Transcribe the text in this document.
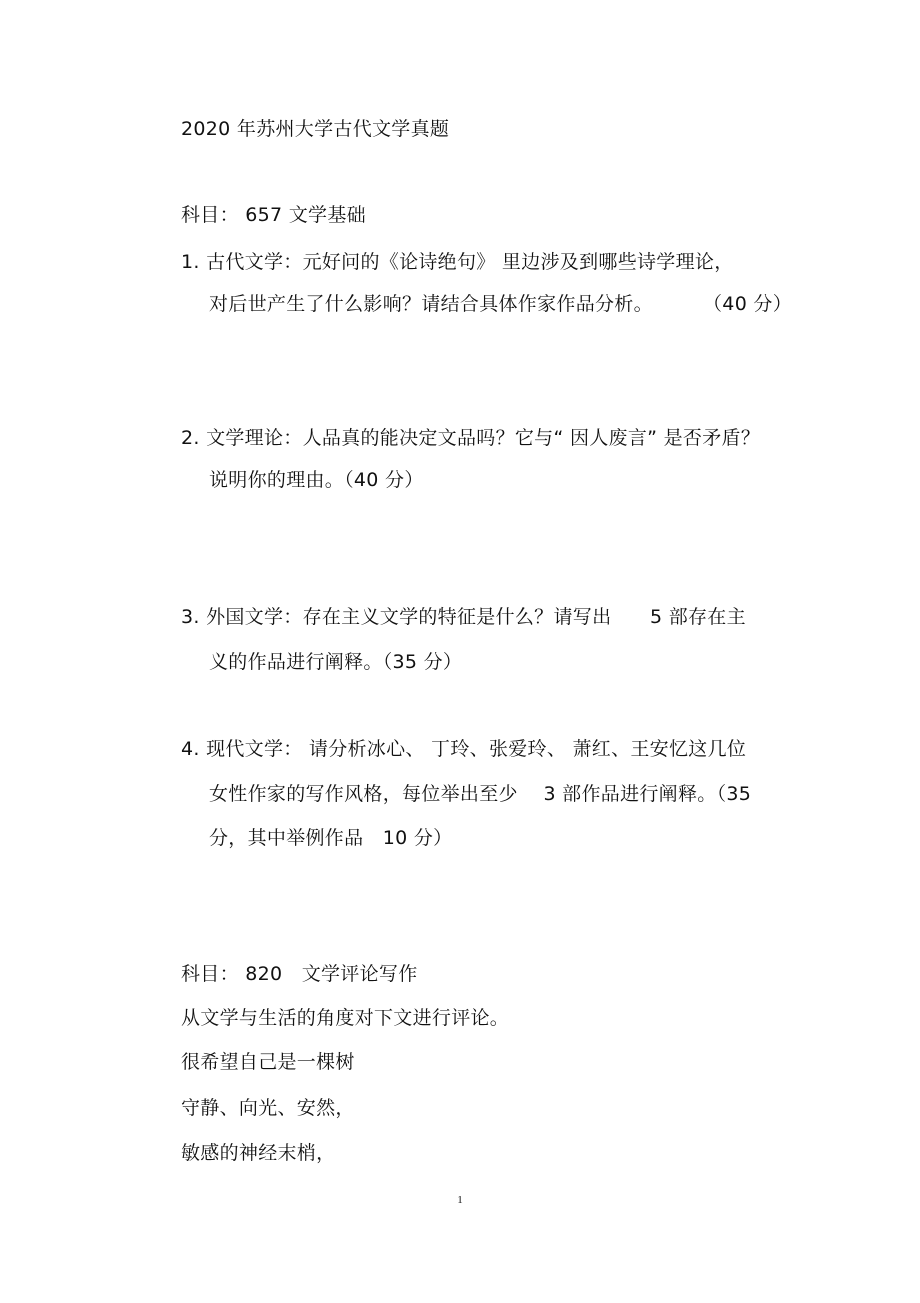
2020 年苏州大学古代文学真题
科目： 657 文学基础
1. 古代文学：元好问的《论诗绝句》 里边涉及到哪些诗学理论，
对后世产生了什么影响？请结合具体作家作品分析。	（40 分）
2. 文学理论：人品真的能决定文品吗？它与“ 因人废言” 是否矛盾？
说明你的理由。（40 分）
3. 外国文学：存在主义文学的特征是什么？请写出　　5 部存在主
义的作品进行阐释。（35 分）
4. 现代文学： 请分析冰心、 丁玲、张爱玲、 萧红、王安忆这几位
女性作家的写作风格，每位举出至少　 3 部作品进行阐释。（35
分，其中举例作品　10 分）
科目： 820　文学评论写作
从文学与生活的角度对下文进行评论。
很希望自己是一棵树
守静、向光、安然，
敏感的神经末梢，
1
